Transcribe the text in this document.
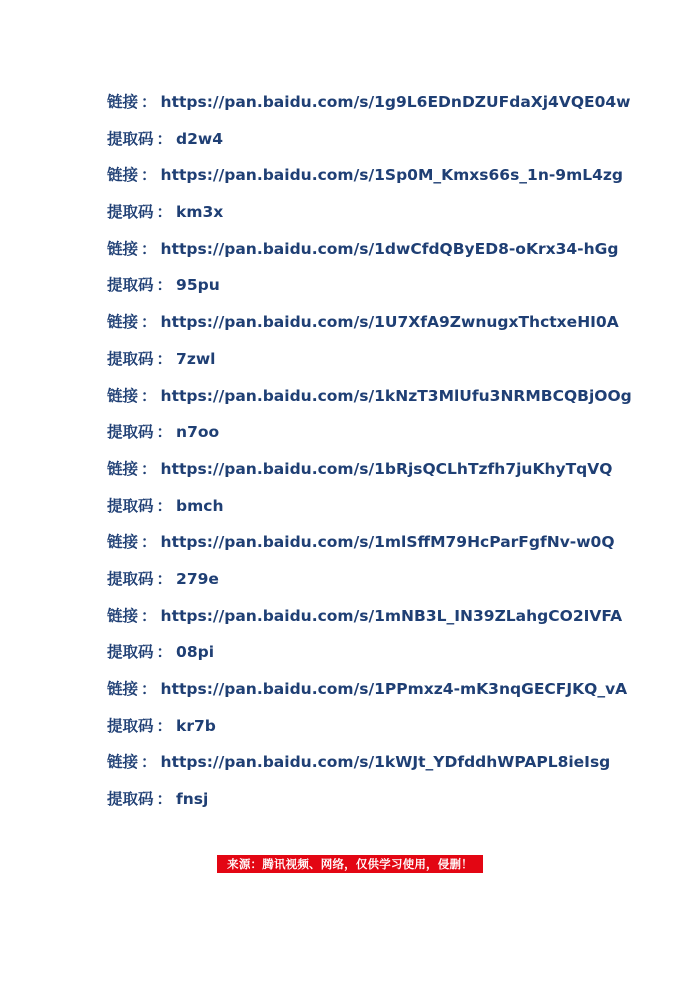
链接 ： https://pan.baidu.com/s/1g9L6EDnDZUFdaXj4VQE04w
提取码 ： d2w4
链接 ： https://pan.baidu.com/s/1Sp0M_Kmxs66s_1n-9mL4zg
提取码 ： km3x
链接 ： https://pan.baidu.com/s/1dwCfdQByED8-oKrx34-hGg
提取码 ： 95pu
链接 ： https://pan.baidu.com/s/1U7XfA9ZwnugxThctxeHI0A
提取码 ： 7zwl
链接 ： https://pan.baidu.com/s/1kNzT3MlUfu3NRMBCQBjOOg
提取码 ： n7oo
链接 ： https://pan.baidu.com/s/1bRjsQCLhTzfh7juKhyTqVQ
提取码 ： bmch
链接 ： https://pan.baidu.com/s/1mlSffM79HcParFgfNv-w0Q
提取码 ： 279e
链接 ： https://pan.baidu.com/s/1mNB3L_IN39ZLahgCO2IVFA
提取码 ： 08pi
链接 ： https://pan.baidu.com/s/1PPmxz4-mK3nqGECFJKQ_vA
提取码 ： kr7b
链接 ： https://pan.baidu.com/s/1kWJt_YDfddhWPAPL8ieIsg
提取码 ： fnsj
来源：腾讯视频、网络，仅供学习使用，侵删！
